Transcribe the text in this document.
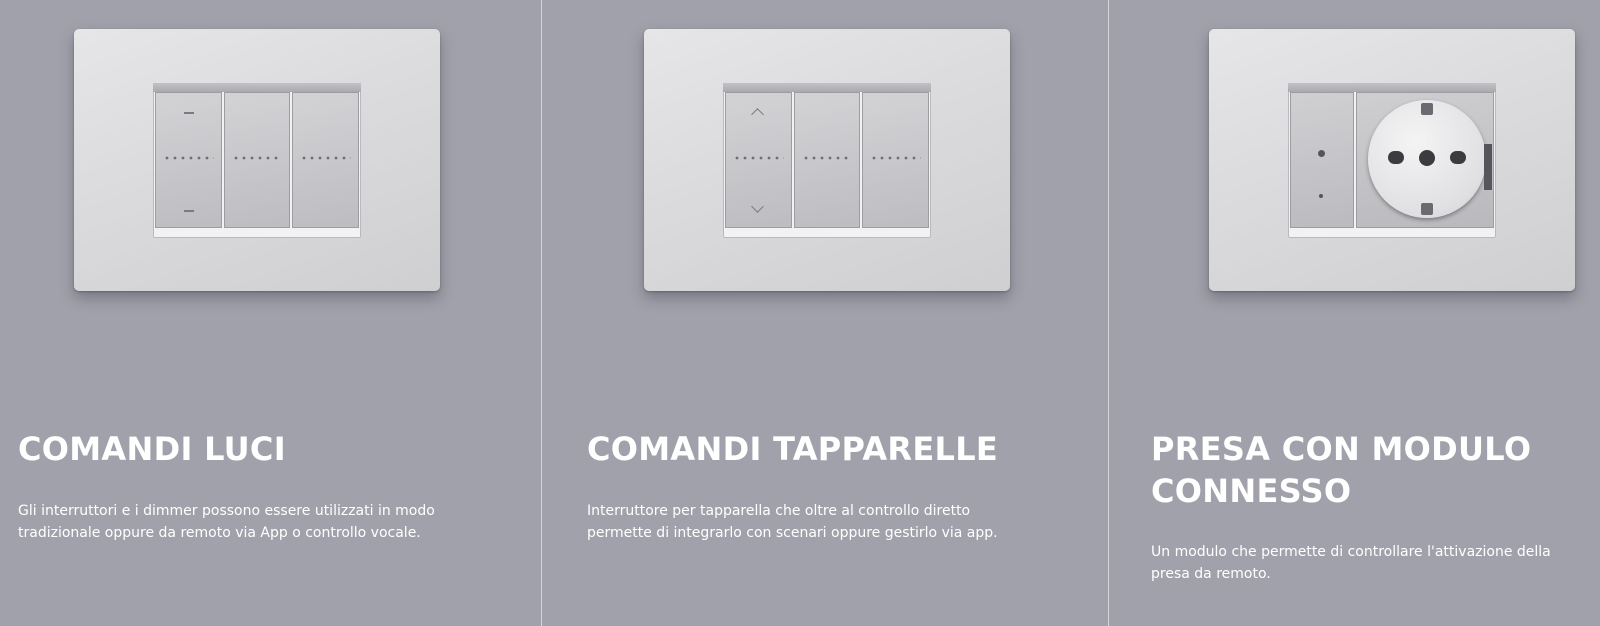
COMANDI LUCI

Gli interruttori e i dimmer possono essere utilizzati in modo tradizionale oppure da remoto via App o controllo vocale.

COMANDI TAPPARELLE

Interruttore per tapparella che oltre al controllo diretto permette di integrarlo con scenari oppure gestirlo via app.

PRESA CON MODULO CONNESSO

Un modulo che permette di controllare l'attivazione della presa da remoto.
